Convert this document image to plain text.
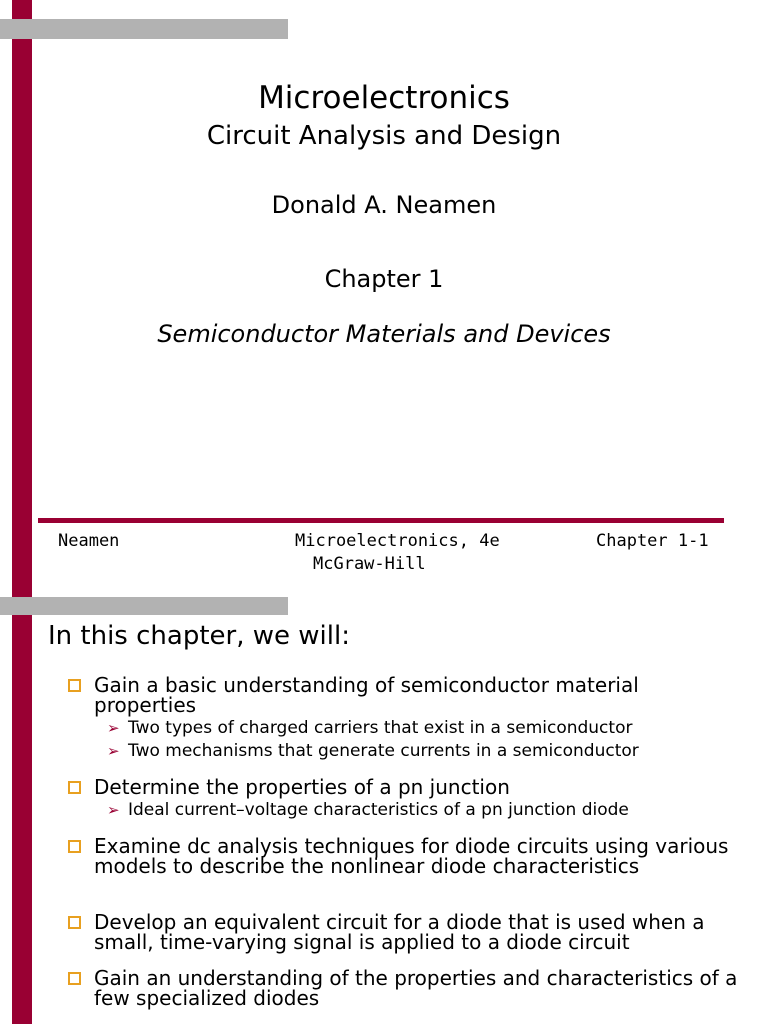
Microelectronics
Circuit Analysis and Design
Donald A. Neamen
Chapter 1
Semiconductor Materials and Devices
Neamen	Microelectronics, 4e
McGraw-Hill
Chapter 1-1
In this chapter, we will:
Gain a basic understanding of semiconductor material properties
➢ Two types of charged carriers that exist in a semiconductor
➢ Two mechanisms that generate currents in a semiconductor
Determine the properties of a pn junction
➢ Ideal current–voltage characteristics of a pn junction diode
Examine dc analysis techniques for diode circuits using various models to describe the nonlinear diode characteristics
Develop an equivalent circuit for a diode that is used when a small, time-varying signal is applied to a diode circuit
Gain an understanding of the properties and characteristics of a few specialized diodes
